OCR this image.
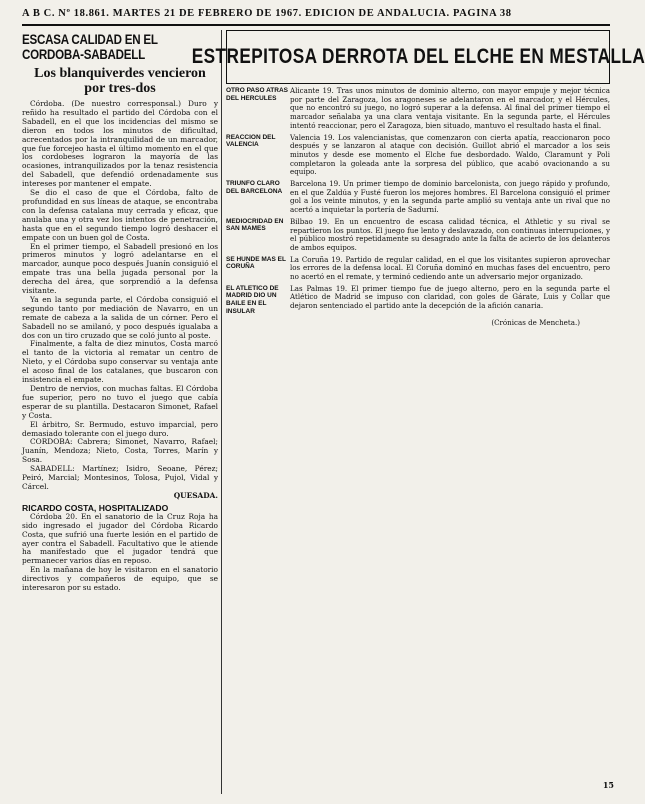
A B C. Nº 18.861. MARTES 21 DE FEBRERO DE 1967. EDICION DE ANDALUCIA. PAGINA 38
ESCASA CALIDAD EN EL CORDOBA-SABADELL
Los blanquiverdes vencieron por tres-dos

Córdoba. (De nuestro corresponsal.) Duro y reñido ha resultado el partido del Córdoba con el Sabadell, en el que los incidencias del mismo se dieron en todos los minutos de dificultad, acrecentados por la intranquilidad de un marcador, que fue forcejeo hasta el último momento en el que los cordobeses lograron la mayoría de las ocasiones, intranquilizados por la tenaz resistencia del Sabadell, que defendió ordenadamente sus intereses por mantener el empate.

Se dio el caso de que el Córdoba, falto de profundidad en sus líneas de ataque, se encontraba con la defensa catalana muy cerrada y eficaz, que anulaba una y otra vez los intentos de penetración, hasta que en el segundo tiempo logró deshacer el empate con un buen gol de Costa.

En el primer tiempo, el Sabadell presionó en los primeros minutos y logró adelantarse en el marcador, aunque poco después Juanín consiguió el empate tras una bella jugada personal por la derecha del área, que sorprendió a la defensa visitante.

Ya en la segunda parte, el Córdoba consiguió el segundo tanto por mediación de Navarro, en un remate de cabeza a la salida de un córner. Pero el Sabadell no se amilanó, y poco después igualaba a dos con un tiro cruzado que se coló junto al poste.

Finalmente, a falta de diez minutos, Costa marcó el tanto de la victoria al rematar un centro de Nieto, y el Córdoba supo conservar su ventaja ante el acoso final de los catalanes, que buscaron con insistencia el empate.

Dentro de nervios, con muchas faltas. El Córdoba fue superior, pero no tuvo el juego que cabía esperar de su plantilla. Destacaron Simonet, Rafael y Costa.

El árbitro, Sr. Bermudo, estuvo imparcial, pero demasiado tolerante con el juego duro.

CORDOBA: Cabrera; Simonet, Navarro, Rafael; Juanín, Mendoza; Nieto, Costa, Torres, Marín y Sosa.

SABADELL: Martínez; Isidro, Seoane, Pérez; Peiró, Marcial; Montesinos, Tolosa, Pujol, Vidal y Cárcel.

QUESADA.
RICARDO COSTA, HOSPITALIZADO

Córdoba 20. En el sanatorio de la Cruz Roja ha sido ingresado el jugador del Córdoba Ricardo Costa, que sufrió una fuerte lesión en el partido de ayer contra el Sabadell. Facultativo que le atiende ha manifestado que el jugador tendrá que permanecer varios días en reposo.

En la mañana de hoy le visitaron en el sanatorio directivos y compañeros de equipo, que se interesaron por su estado.

ESTREPITOSA DERROTA DEL ELCHE EN MESTALLA
OTRO PASO ATRAS DEL HERCULES
Alicante 19. Tras unos minutos de dominio alterno, con mayor empuje y mejor técnica por parte del Zaragoza, los aragoneses se adelantaron en el marcador, y el Hércules, que no encontró su juego, no logró superar a la defensa. Al final del primer tiempo el marcador señalaba ya una clara ventaja visitante. En la segunda parte, el Hércules intentó reaccionar, pero el Zaragoza, bien situado, mantuvo el resultado hasta el final.
REACCION DEL VALENCIA
Valencia 19. Los valencianistas, que comenzaron con cierta apatía, reaccionaron poco después y se lanzaron al ataque con decisión. Guillot abrió el marcador a los seis minutos y desde ese momento el Elche fue desbordado. Waldo, Claramunt y Poli completaron la goleada ante la sorpresa del público, que acabó ovacionando a su equipo.
TRIUNFO CLARO DEL BARCELONA
Barcelona 19. Un primer tiempo de dominio barcelonista, con juego rápido y profundo, en el que Zaldúa y Fusté fueron los mejores hombres. El Barcelona consiguió el primer gol a los veinte minutos, y en la segunda parte amplió su ventaja ante un rival que no acertó a inquietar la portería de Sadurní.
MEDIOCRIDAD EN SAN MAMES
Bilbao 19. En un encuentro de escasa calidad técnica, el Athletic y su rival se repartieron los puntos. El juego fue lento y deslavazado, con continuas interrupciones, y el público mostró repetidamente su desagrado ante la falta de acierto de los delanteros de ambos equipos.
SE HUNDE MAS EL CORUÑA
La Coruña 19. Partido de regular calidad, en el que los visitantes supieron aprovechar los errores de la defensa local. El Coruña dominó en muchas fases del encuentro, pero no acertó en el remate, y terminó cediendo ante un adversario mejor organizado.
EL ATLETICO DE MADRID DIO UN BAILE EN EL INSULAR
Las Palmas 19. El primer tiempo fue de juego alterno, pero en la segunda parte el Atlético de Madrid se impuso con claridad, con goles de Gárate, Luis y Collar que dejaron sentenciado el partido ante la decepción de la afición canaria.
(Crónicas de Mencheta.)
15
